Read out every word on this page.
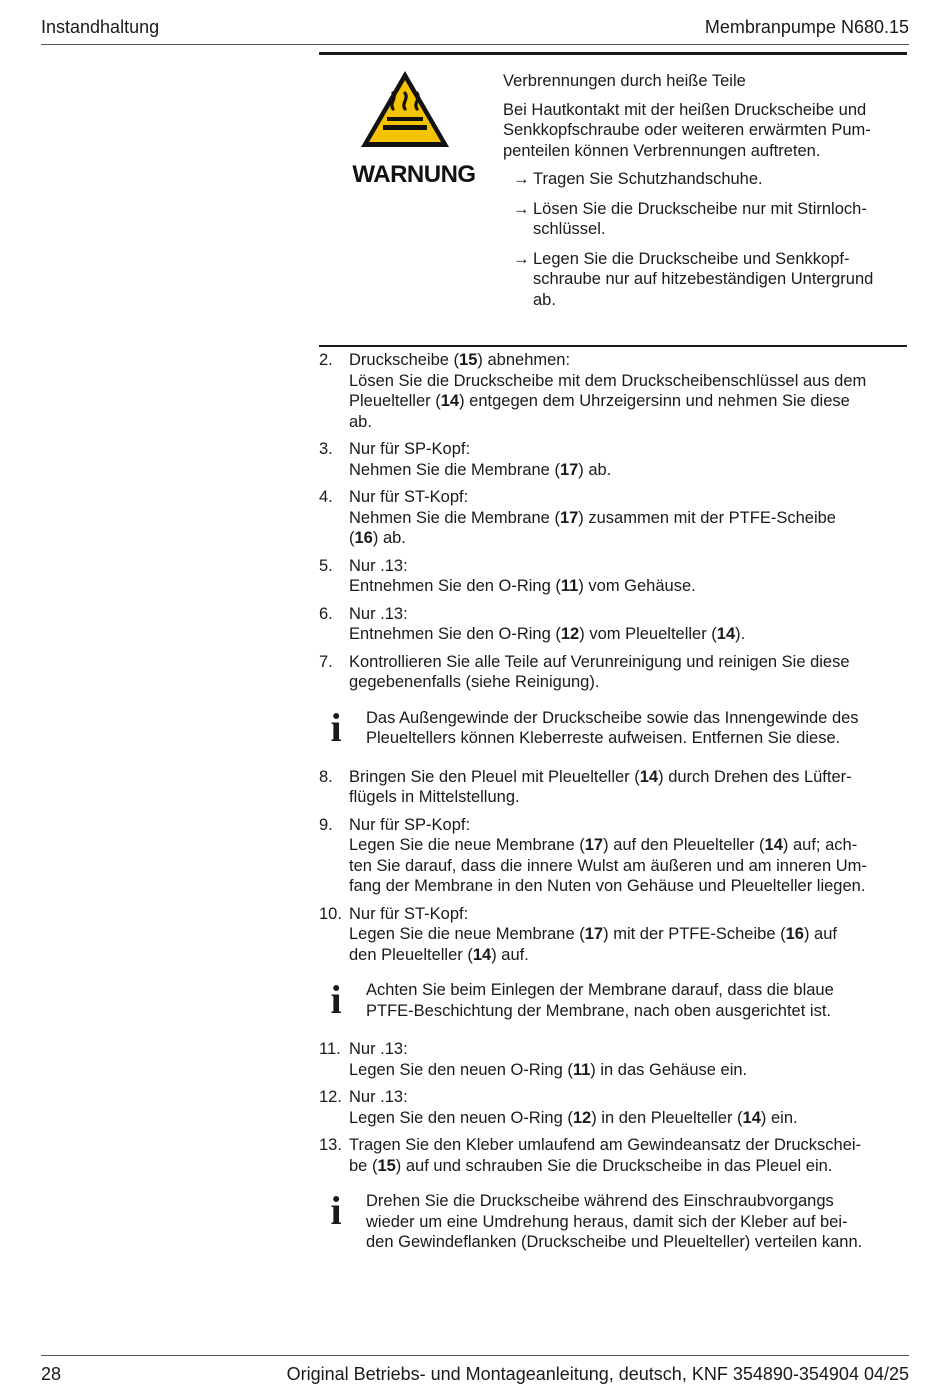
Instandhaltung	Membranpumpe N680.15
WARNUNG

Verbrennungen durch heiße Teile

Bei Hautkontakt mit der heißen Druckscheibe und
Senkkopfschraube oder weiteren erwärmten Pum-
penteilen können Verbrennungen auftreten.

→ Tragen Sie Schutzhandschuhe.
→ Lösen Sie die Druckscheibe nur mit Stirnloch-
schlüssel.
→ Legen Sie die Druckscheibe und Senkkopf-
schraube nur auf hitzebeständigen Untergrund
ab.
2. Druckscheibe (15) abnehmen:
Lösen Sie die Druckscheibe mit dem Druckscheibenschlüssel aus dem
Pleuelteller (14) entgegen dem Uhrzeigersinn und nehmen Sie diese
ab.
3. Nur für SP-Kopf:
Nehmen Sie die Membrane (17) ab.
4. Nur für ST-Kopf:
Nehmen Sie die Membrane (17) zusammen mit der PTFE-Scheibe
(16) ab.
5. Nur .13:
Entnehmen Sie den O-Ring (11) vom Gehäuse.
6. Nur .13:
Entnehmen Sie den O-Ring (12) vom Pleuelteller (14).
7. Kontrollieren Sie alle Teile auf Verunreinigung und reinigen Sie diese
gegebenenfalls (siehe Reinigung).
i Das Außengewinde der Druckscheibe sowie das Innengewinde des
Pleueltellers können Kleberreste aufweisen. Entfernen Sie diese.
8. Bringen Sie den Pleuel mit Pleuelteller (14) durch Drehen des Lüfter-
flügels in Mittelstellung.
9. Nur für SP-Kopf:
Legen Sie die neue Membrane (17) auf den Pleuelteller (14) auf; ach-
ten Sie darauf, dass die innere Wulst am äußeren und am inneren Um-
fang der Membrane in den Nuten von Gehäuse und Pleuelteller liegen.
10. Nur für ST-Kopf:
Legen Sie die neue Membrane (17) mit der PTFE-Scheibe (16) auf
den Pleuelteller (14) auf.
i Achten Sie beim Einlegen der Membrane darauf, dass die blaue
PTFE-Beschichtung der Membrane, nach oben ausgerichtet ist.
11. Nur .13:
Legen Sie den neuen O-Ring (11) in das Gehäuse ein.
12. Nur .13:
Legen Sie den neuen O-Ring (12) in den Pleuelteller (14) ein.
13. Tragen Sie den Kleber umlaufend am Gewindeansatz der Druckschei-
be (15) auf und schrauben Sie die Druckscheibe in das Pleuel ein.
i Drehen Sie die Druckscheibe während des Einschraubvorgangs
wieder um eine Umdrehung heraus, damit sich der Kleber auf bei-
den Gewindeflanken (Druckscheibe und Pleuelteller) verteilen kann.
28	Original Betriebs- und Montageanleitung, deutsch, KNF 354890-354904 04/25
